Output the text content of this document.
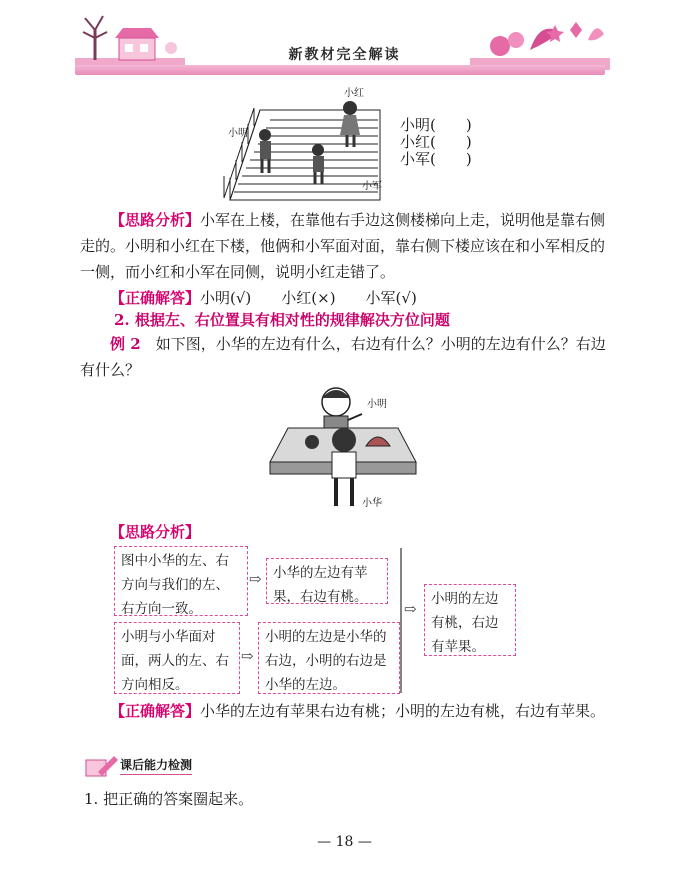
新教材完全解读
小红
小明
小军
小明(　　)
小红(　　)
小军(　　)
【思路分析】小军在上楼，在靠他右手边这侧楼梯向上走，说明他是靠右侧走的。小明和小红在下楼，他俩和小军面对面，靠右侧下楼应该在和小军相反的一侧，而小红和小军在同侧，说明小红走错了。
【正确解答】小明(√)　　小红(×)　　小军(√)
2. 根据左、右位置具有相对性的规律解决方位问题
例 2　 如下图，小华的左边有什么，右边有什么？小明的左边有什么？右边有什么？
小明
小华
【思路分析】
图中小华的左、右方向与我们的左、右方向一致。
⇨ 小华的左边有苹果，右边有桃。
小明与小华面对面，两人的左、右方向相反。
⇨
小明的左边是小华的右边，小明的右边是小华的左边。
⇨
小明的左边有桃，右边有苹果。
【正确解答】小华的左边有苹果右边有桃；小明的左边有桃，右边有苹果。
课后能力检测
1. 把正确的答案圈起来。
— 18 —
